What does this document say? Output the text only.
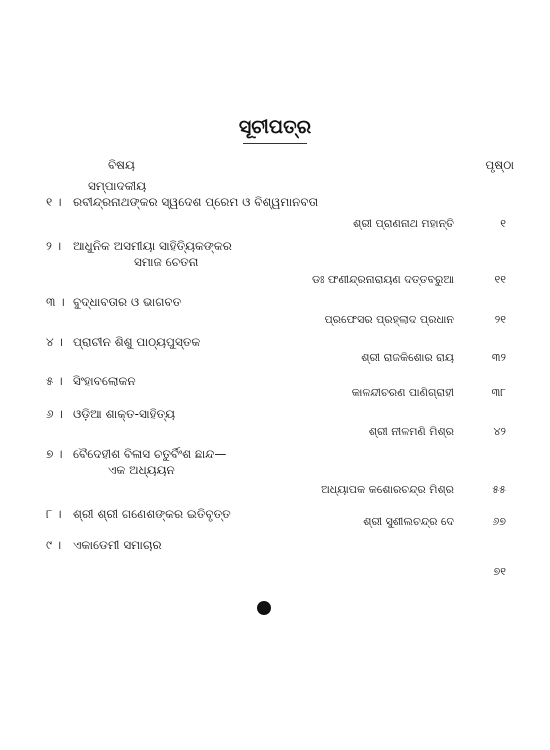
ସୂଚୀପତ୍ର
ବିଷୟ	ପୃଷ୍ଠା
ସମ୍ପାଦକୀୟ
୧ । ରବୀନ୍ଦ୍ରନାଥଙ୍କର ସ୍ୱଦେଶ ପ୍ରେମ ଓ ବିଶ୍ୱମାନବତା
ଶ୍ରୀ ପ୍ରାଣନାଥ ମହାନ୍ତି	୧
୨ । ଆଧୁନିକ ଅସମୀୟା ସାହିତ୍ୟିକଙ୍କର
ସମାଜ ଚେତନା
ଡଃ ଫଣୀନ୍ଦ୍ରନାରାୟଣ ଦତ୍ତବରୁଆ	୧୧
୩ । ବୁଦ୍ଧାବତାର ଓ ଭାଗବତ
ପ୍ରଫେସର ପ୍ରହ୍ଲାଦ ପ୍ରଧାନ	୨୧
୪ । ପ୍ରାଚୀନ ଶିଶୁ ପାଠ୍ୟପୁସ୍ତକ
ଶ୍ରୀ ରାଜକିଶୋର ରାୟ	୩୨
୫ । ସିଂହାବଲୋକନ
କାଳନ୍ଦୀଚରଣ ପାଣିଗ୍ରାହୀ	୩୮
୬ । ଓଡ଼ିଆ ଶାକ୍ତ-ସାହିତ୍ୟ
ଶ୍ରୀ ନୀଳମଣି ମିଶ୍ର	୪୨
୭ । ବୈଦେହୀଶ ବିଳାସ ଚତୁର୍ବିଂଶ ଛାନ୍ଦ—
ଏକ ଅଧ୍ୟୟନ
ଅଧ୍ୟାପକ କଶୋରଚନ୍ଦ୍ର ମିଶ୍ର	୫୫
୮ । ଶ୍ରୀ ଶ୍ରୀ ଗଣେଶଙ୍କର ଇତିବୃତ୍ତ
ଶ୍ରୀ ସୁଶୀଲଚନ୍ଦ୍ର ଦେ	୬୭
୯ । ଏକାଡେମୀ ସମାଚାର
୭୧
